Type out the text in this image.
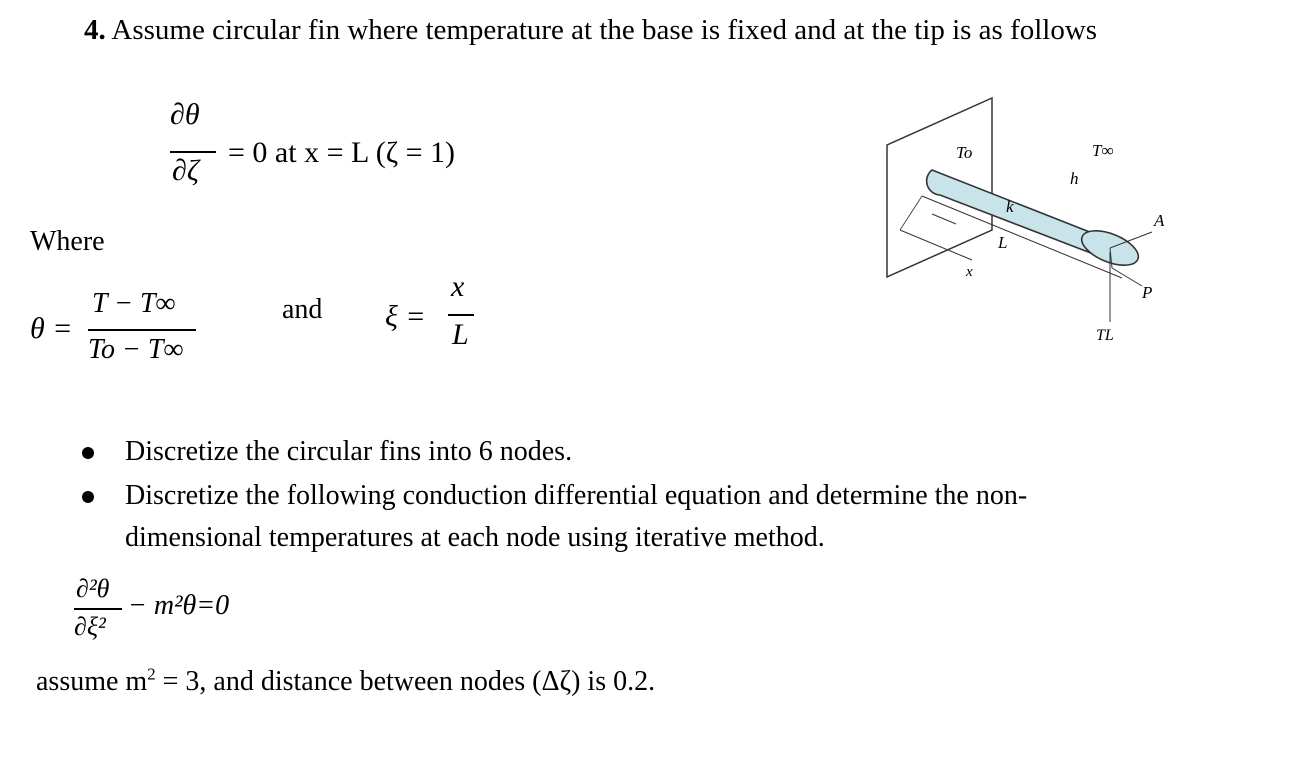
4. Assume circular fin where temperature at the base is fixed and at the tip is as follows
∂θ
∂ζ
= 0 at x = L (ζ = 1)
Where
θ =
T − T∞
To − T∞
and ξ =
x
L
To	T∞
h
k
A
L
x
P
TL
Discretize the circular fins into 6 nodes.
Discretize the following conduction differential equation and determine the non-
dimensional temperatures at each node using iterative method.
∂²θ
∂ξ²
− m²θ=0
assume $m^2 = 3$, and distance between nodes (Δζ) is 0.2.
